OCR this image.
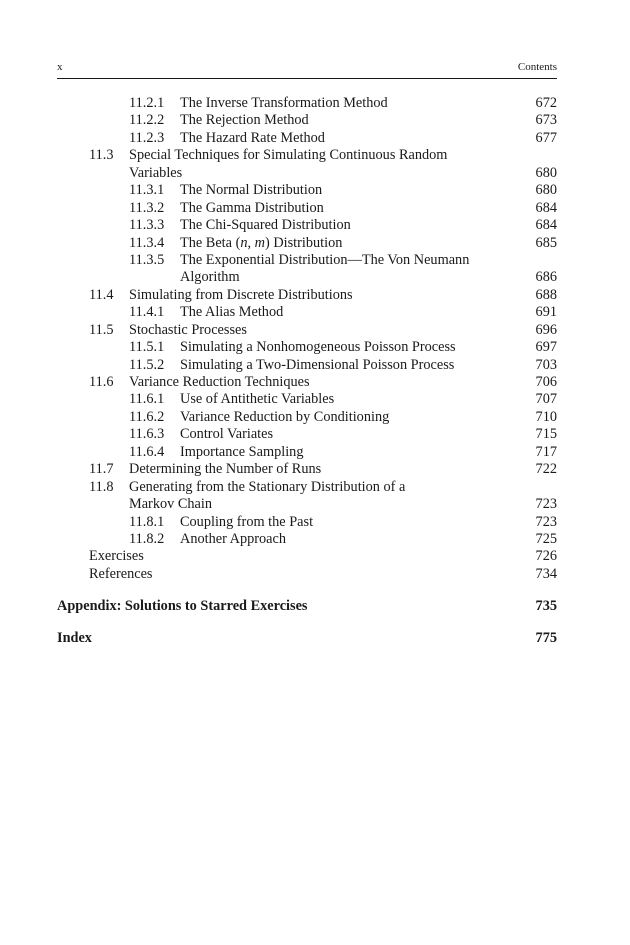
x	Contents
11.2.1 The Inverse Transformation Method	672
11.2.2 The Rejection Method	673
11.2.3 The Hazard Rate Method	677
11.3 Special Techniques for Simulating Continuous Random Variables	680
11.3.1 The Normal Distribution	680
11.3.2 The Gamma Distribution	684
11.3.3 The Chi-Squared Distribution	684
11.3.4 The Beta (n, m) Distribution	685
11.3.5 The Exponential Distribution—The Von Neumann Algorithm	686
11.4 Simulating from Discrete Distributions	688
11.4.1 The Alias Method	691
11.5 Stochastic Processes	696
11.5.1 Simulating a Nonhomogeneous Poisson Process	697
11.5.2 Simulating a Two-Dimensional Poisson Process	703
11.6 Variance Reduction Techniques	706
11.6.1 Use of Antithetic Variables	707
11.6.2 Variance Reduction by Conditioning	710
11.6.3 Control Variates	715
11.6.4 Importance Sampling	717
11.7 Determining the Number of Runs	722
11.8 Generating from the Stationary Distribution of a Markov Chain	723
11.8.1 Coupling from the Past	723
11.8.2 Another Approach	725
Exercises	726
References	734
Appendix: Solutions to Starred Exercises	735
Index	775
